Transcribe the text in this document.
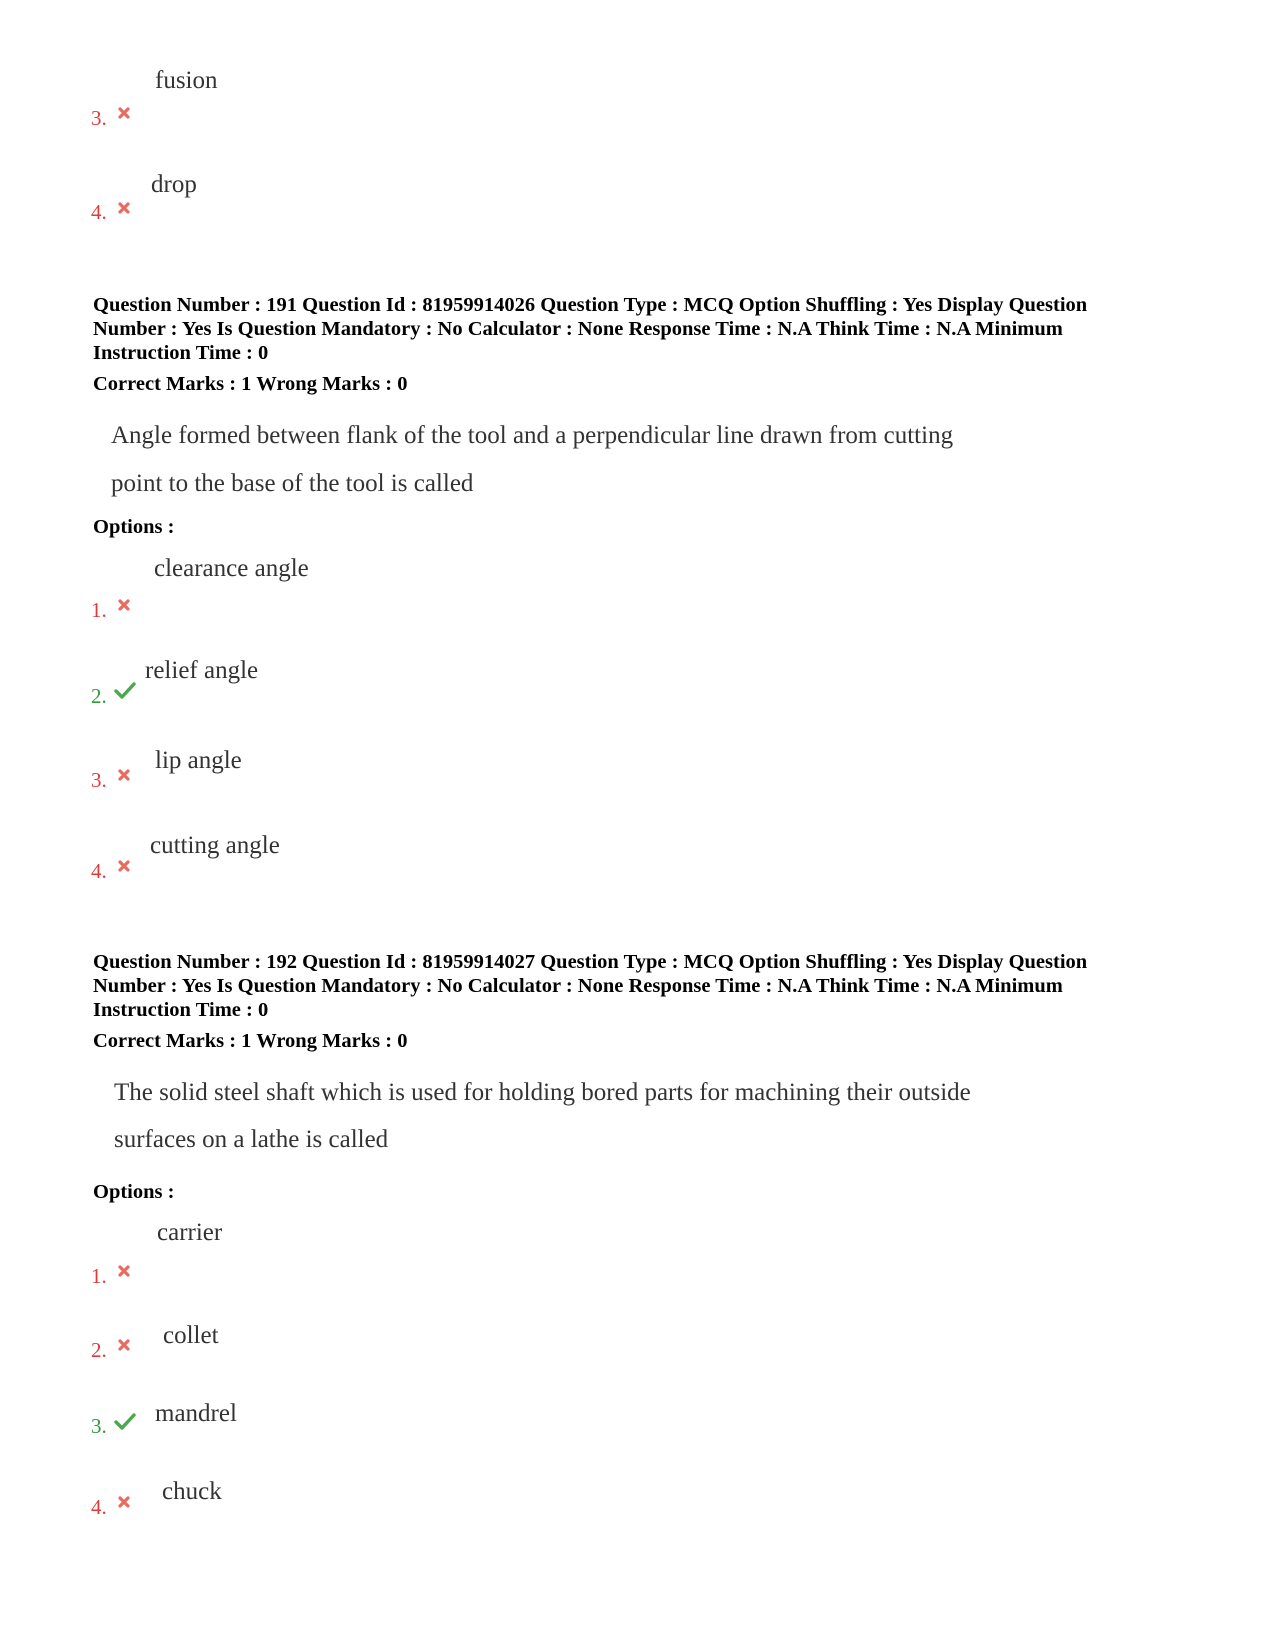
fusion
3.
drop
4.
Question Number : 191 Question Id : 81959914026 Question Type : MCQ Option Shuffling : Yes Display Question
Number : Yes Is Question Mandatory : No Calculator : None Response Time : N.A Think Time : N.A Minimum
Instruction Time : 0
Correct Marks : 1 Wrong Marks : 0
Angle formed between flank of the tool and a perpendicular line drawn from cutting
point to the base of the tool is called
Options :
clearance angle
1.
relief angle
2.
lip angle
3.
cutting angle
4.
Question Number : 192 Question Id : 81959914027 Question Type : MCQ Option Shuffling : Yes Display Question
Number : Yes Is Question Mandatory : No Calculator : None Response Time : N.A Think Time : N.A Minimum
Instruction Time : 0
Correct Marks : 1 Wrong Marks : 0
The solid steel shaft which is used for holding bored parts for machining their outside
surfaces on a lathe is called
Options :
carrier
1.
collet
2.
mandrel
3.
chuck
4.
